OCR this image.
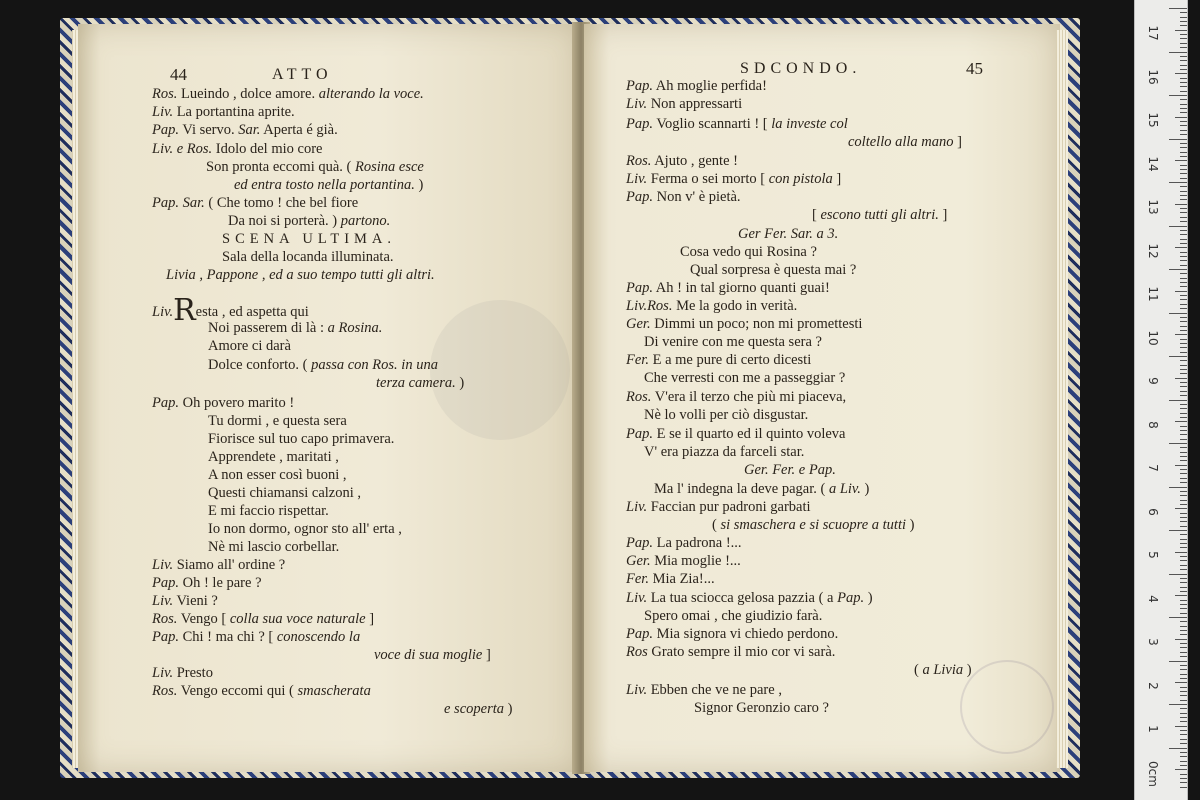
44	ATTO	SDCONDO.	45
Ros. Lueindo , dolce amore. alterando la voce.
Liv. La portantina aprite.
Pap. Vi servo. Sar. Aperta é già.
Liv. e Ros. Idolo del mio core
Son pronta eccomi quà. ( Rosina esce
ed entra tosto nella portantina. )
Pap. Sar. ( Che tomo ! che bel fiore
Da noi si porterà. ) partono.
SCENA ULTIMA.
Sala della locanda illuminata.
Livia , Pappone , ed a suo tempo tutti gli altri.
Liv.Resta , ed aspetta qui
Noi passerem di là : a Rosina.
Amore ci darà
Dolce conforto. ( passa con Ros. in una
terza camera. )
Pap. Oh povero marito !
Tu dormi , e questa sera
Fiorisce sul tuo capo primavera.
Apprendete , maritati ,
A non esser così buoni ,
Questi chiamansi calzoni ,
E mi faccio rispettar.
Io non dormo, ognor sto all' erta ,
Nè mi lascio corbellar.
Liv. Siamo all' ordine ?
Pap. Oh ! le pare ?
Liv. Vieni ?
Ros. Vengo [ colla sua voce naturale ]
Pap. Chi ! ma chi ? [ conoscendo la
voce di sua moglie ]
Liv. Presto
Ros. Vengo eccomi qui ( smascherata
e scoperta )
Pap. Ah moglie perfida!
Liv. Non appressarti
Pap. Voglio scannarti ! [ la investe col
coltello alla mano ]
Ros. Ajuto , gente !
Liv. Ferma o sei morto [ con pistola ]
Pap. Non v' è pietà.
[ escono tutti gli altri. ]
Ger Fer. Sar. a 3.
Cosa vedo qui Rosina ?
Qual sorpresa è questa mai ?
Pap. Ah ! in tal giorno quanti guai!
Liv.Ros. Me la godo in verità.
Ger. Dimmi un poco; non mi promettesti
Di venire con me questa sera ?
Fer. E a me pure di certo dicesti
Che verresti con me a passeggiar ?
Ros. V'era il terzo che più mi piaceva,
Nè lo volli per ciò disgustar.
Pap. E se il quarto ed il quinto voleva
V' era piazza da farceli star.
Ger. Fer. e Pap.
Ma l' indegna la deve pagar. ( a Liv. )
Liv. Faccian pur padroni garbati
( si smaschera e si scuopre a tutti )
Pap. La padrona !...
Ger. Mia moglie !...
Fer. Mia Zia!...
Liv. La tua sciocca gelosa pazzia ( a Pap. )
Spero omai , che giudizio farà.
Pap. Mia signora vi chiedo perdono.
Ros Grato sempre il mio cor vi sarà.
( a Livia )
Liv. Ebben che ve ne pare ,
Signor Geronzio caro ?
17
16
15
14
13
12
11
10
9
8
7
6
5
4
3
2
1
0cm
